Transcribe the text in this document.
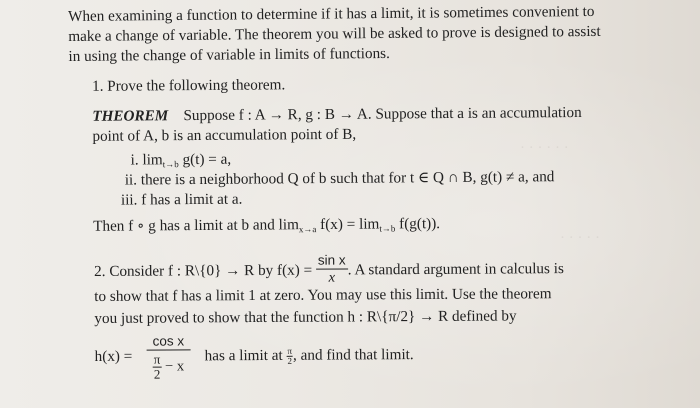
· · · · · ·
· · · · ·
When examining a function to determine if it has a limit, it is sometimes convenient to
make a change of variable. The theorem you will be asked to prove is designed to assist
in using the change of variable in limits of functions.
1. Prove the following theorem.
THEOREM Suppose f : A → R, g : B → A. Suppose that a is an accumulation
point of A, b is an accumulation point of B,
i. $\lim_{t\to b} g(t) = a$,
ii. there is a neighborhood Q of b such that for t ∈ Q ∩ B, g(t) ≠ a, and
iii. f has a limit at a.
Then f ∘ g has a limit at b and $\lim_{x\to a} f(x) = \lim_{t\to b} f(g(t))$.
2. Consider f : R\{0} → R by $f(x) = \frac{\text{sin x}}{x}$ . A standard argument in calculus is
to show that f has a limit 1 at zero. You may use this limit. Use the theorem
you just proved to show that the function h : R\{π/2} → R defined by
$h(x) = \frac{\text{cos x}}{\frac{\pi}{2} - x}$ has a limit at $\frac{\pi}{2}$ , and find that limit.
